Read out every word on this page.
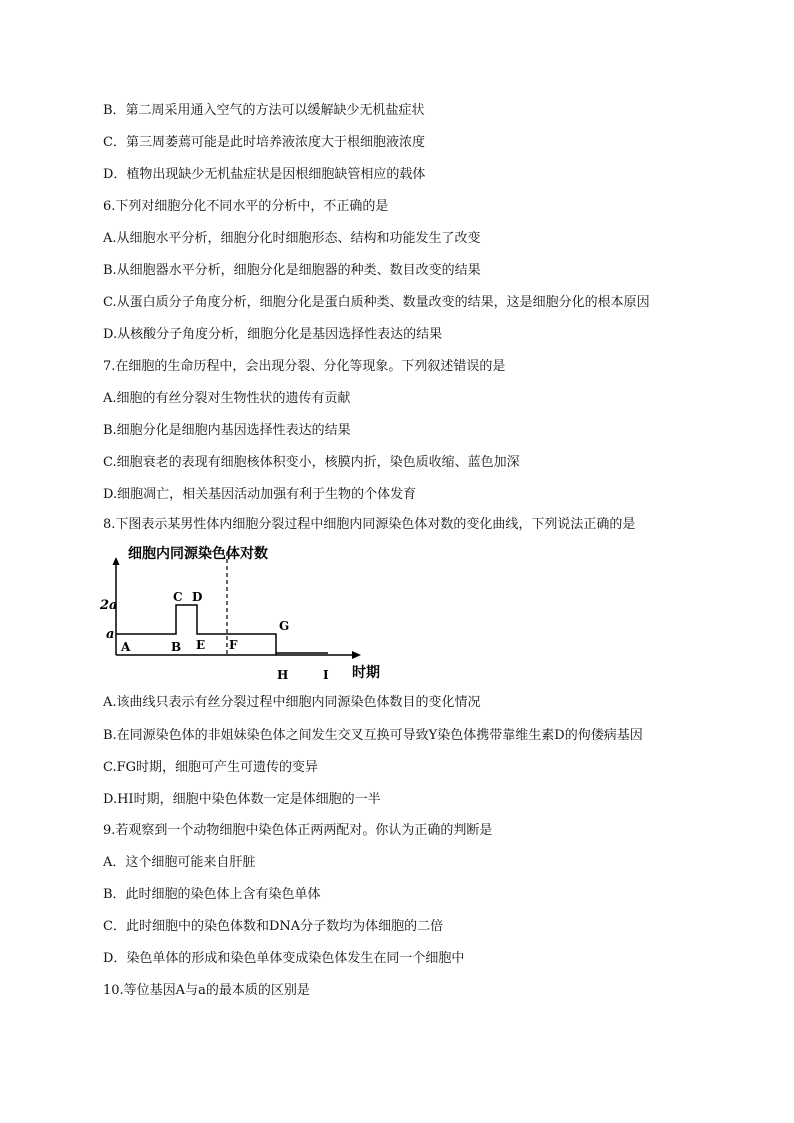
B．第二周采用通入空气的方法可以缓解缺少无机盐症状
C．第三周萎蔫可能是此时培养液浓度大于根细胞液浓度
D．植物出现缺少无机盐症状是因根细胞缺管相应的载体
6.下列对细胞分化不同水平的分析中，不正确的是
A.从细胞水平分析，细胞分化时细胞形态、结构和功能发生了改变
B.从细胞器水平分析，细胞分化是细胞器的种类、数目改变的结果
C.从蛋白质分子角度分析，细胞分化是蛋白质种类、数量改变的结果，这是细胞分化的根本原因
D.从核酸分子角度分析，细胞分化是基因选择性表达的结果
7.在细胞的生命历程中，会出现分裂、分化等现象。下列叙述错误的是
A.细胞的有丝分裂对生物性状的遗传有贡献
B.细胞分化是细胞内基因选择性表达的结果
C.细胞衰老的表现有细胞核体积变小，核膜内折，染色质收缩、蓝色加深
D.细胞凋亡，相关基因活动加强有利于生物的个体发育
8.下图表示某男性体内细胞分裂过程中细胞内同源染色体对数的变化曲线，下列说法正确的是
细胞内同源染色体对数
2a
a
A	B
C D
E F
G
H	I 时期
A.该曲线只表示有丝分裂过程中细胞内同源染色体数目的变化情况
B.在同源染色体的非姐妹染色体之间发生交叉互换可导致Y染色体携带靠维生素D的佝偻病基因
C.FG时期，细胞可产生可遗传的变异
D.HI时期，细胞中染色体数一定是体细胞的一半
9.若观察到一个动物细胞中染色体正两两配对。你认为正确的判断是
A．这个细胞可能来自肝脏
B．此时细胞的染色体上含有染色单体
C．此时细胞中的染色体数和DNA分子数均为体细胞的二倍
D．染色单体的形成和染色单体变成染色体发生在同一个细胞中
10.等位基因A与a的最本质的区别是
